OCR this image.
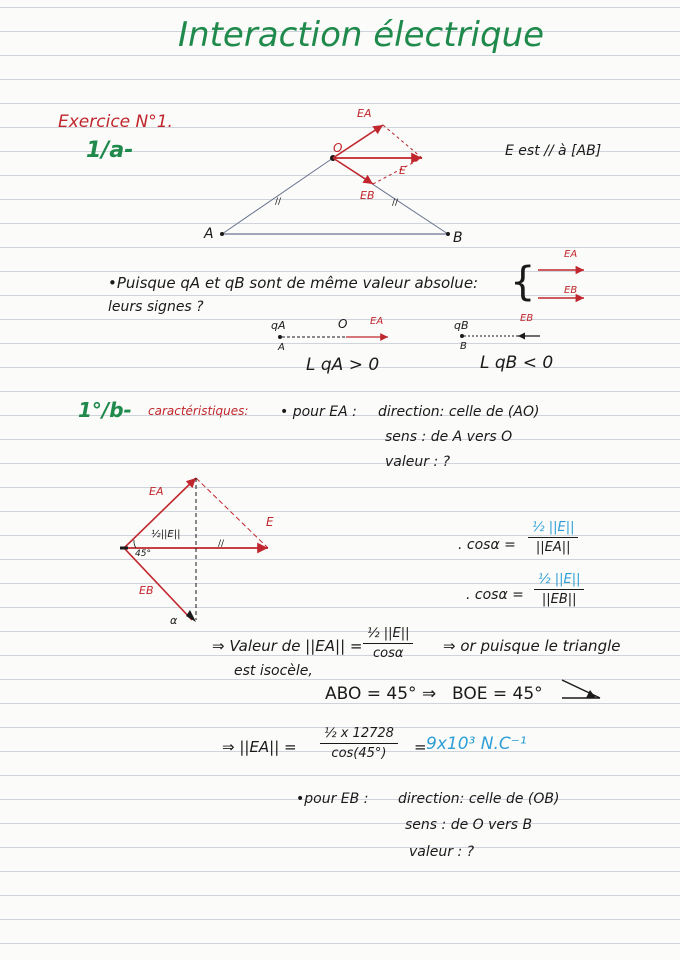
Interaction électrique
Exercice N°1.
1/a-
//	//
A	B
O
EA
EB
E
E est // à [AB]
•Puisque qA et qB sont de même valeur absolue:
leurs signes ?
{
EA
EB
qA
A
O EA
L qA > 0
qB
B
EB
L qB < 0
1°/b- caractéristiques: • pour EA : direction: celle de (AO)
sens : de A vers O
valeur : ?
//
EA
EB
½||E||
E
45°
α
. $\cos\alpha = \frac{\text{½ ||E||}}{||EA||}$
. $\cos\alpha = \frac{\text{½ ||E||}}{||EB||}$
⇒ Valeur de $||EA|| = \frac{\text{½ ||E||}}{\cos\alpha}$ ⇒ or puisque le triangle
est isocèle,
ABO = 45° ⇒ BOE = 45°
⇒ $||EA|| = \frac{\text{½ x 12728}}{\cos(45^\circ)} = 9x10^3$ N.C⁻¹
•pour EB : direction: celle de (OB)
sens : de O vers B
valeur : ?
